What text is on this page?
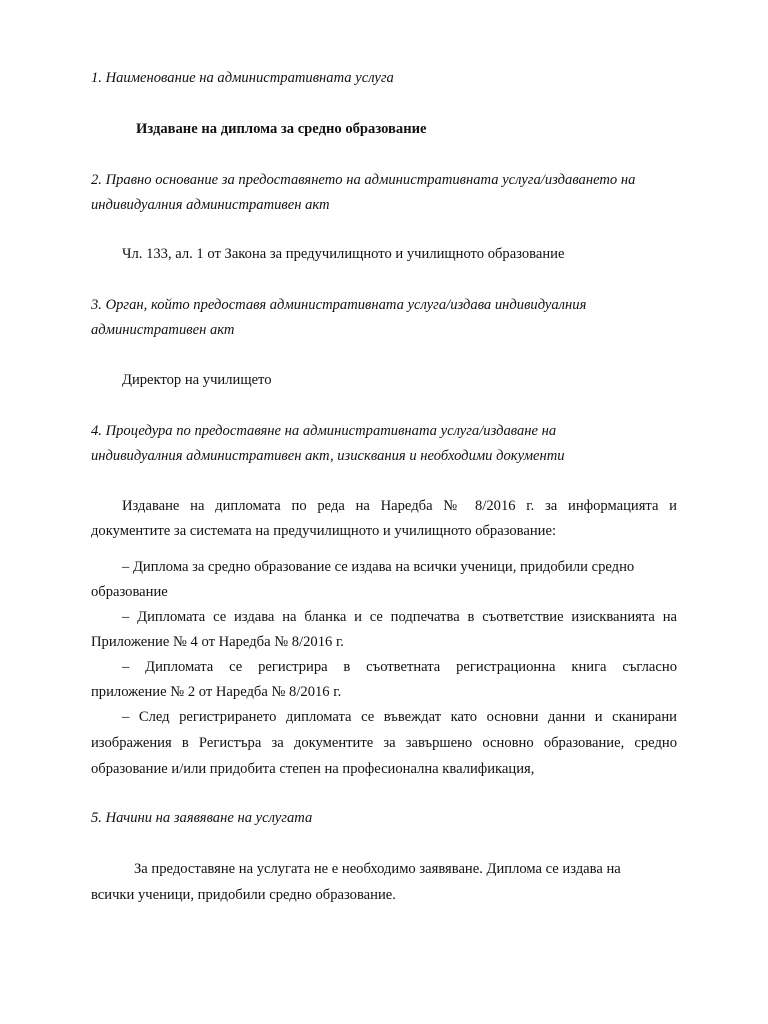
1. Наименование на административната услуга
Издаване на диплома за средно образование
2. Правно основание за предоставянето на административната услуга/издаването на
индивидуалния административен акт
Чл. 133, ал. 1 от Закона за предучилищното и училищното образование
3. Орган, който предоставя административната услуга/издава индивидуалния
административен акт
Директор на училището
4. Процедура по предоставяне на административната услуга/издаване на
индивидуалния административен акт, изисквания и необходими документи
Издаване на дипломата по реда на Наредба № 8/2016 г. за информацията и
документите за системата на предучилищното и училищното образование:
– Диплома за средно образование се издава на всички ученици, придобили средно
образование
– Дипломата се издава на бланка и се подпечатва в съответствие изискванията на
Приложение № 4 от Наредба № 8/2016 г.
– Дипломата се регистрира в съответната регистрационна книга съгласно
приложение № 2 от Наредба № 8/2016 г.
– След регистрирането дипломата се въвеждат като основни данни и сканирани
изображения в Регистъра за документите за завършено основно образование, средно
образование и/или придобита степен на професионална квалификация,
5. Начини на заявяване на услугата
За предоставяне на услугата не е необходимо заявяване. Диплома се издава на
всички ученици, придобили средно образование.
